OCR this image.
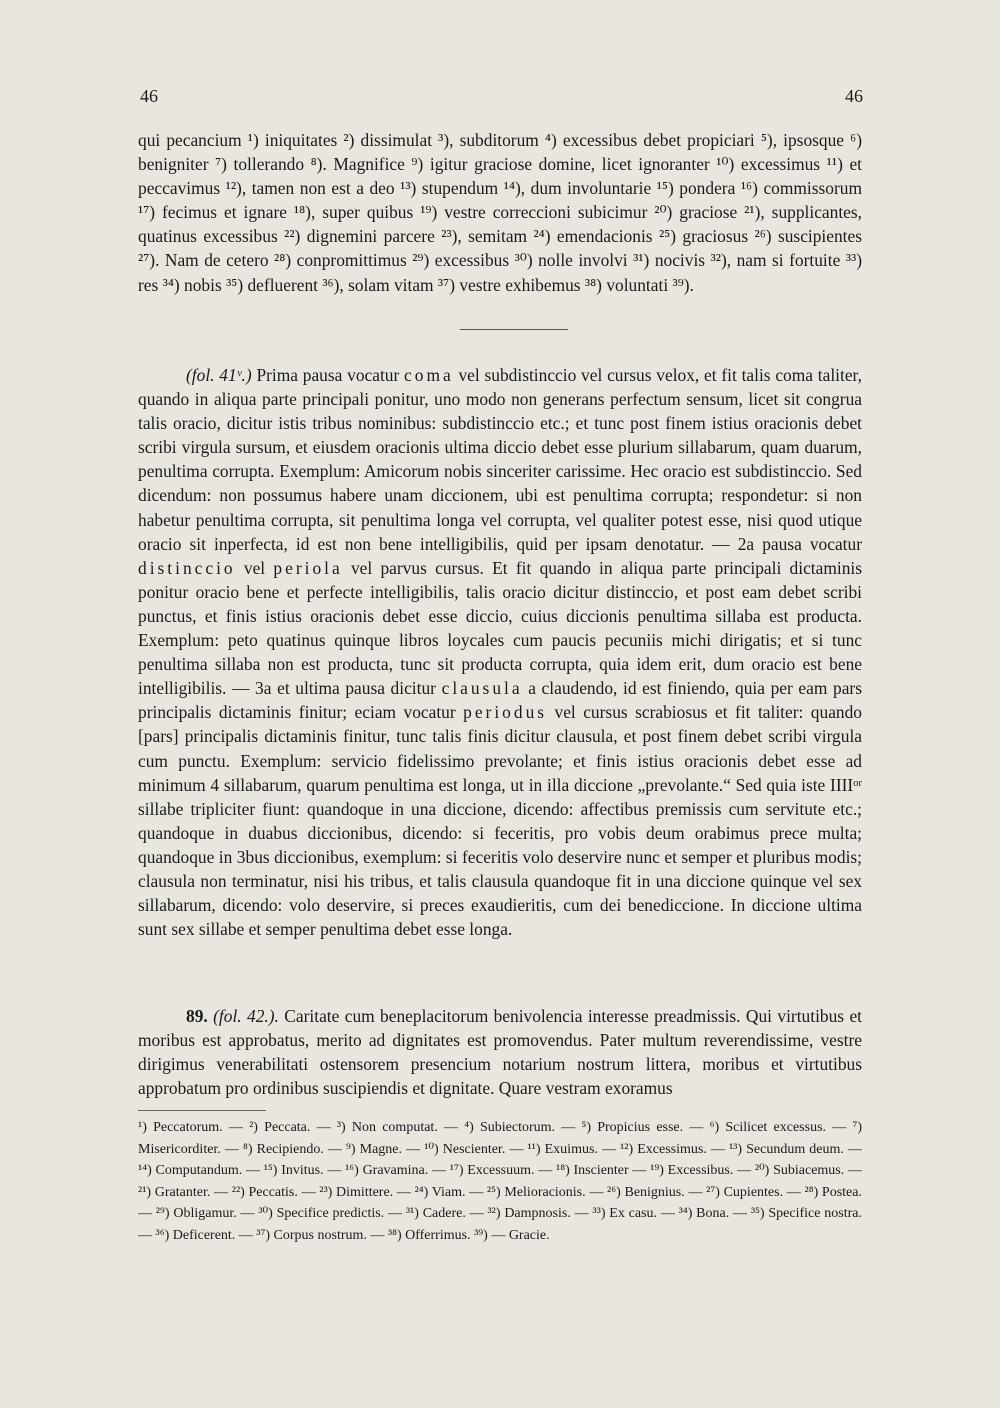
46	46

qui pecancium ¹) iniquitates ²) dissimulat ³), subditorum ⁴) excessibus debet propiciari ⁵), ipsosque ⁶) benigniter ⁷) tollerando ⁸). Magnifice ⁹) igitur graciose domine, licet ignoranter ¹⁰) excessimus ¹¹) et peccavimus ¹²), tamen non est a deo ¹³) stupendum ¹⁴), dum involuntarie ¹⁵) pondera ¹⁶) commissorum ¹⁷) fecimus et ignare ¹⁸), super quibus ¹⁹) vestre correccioni subicimur ²⁰) graciose ²¹), supplicantes, quatinus excessibus ²²) dignemini parcere ²³), semitam ²⁴) emendacionis ²⁵) graciosus ²⁶) suscipientes ²⁷). Nam de cetero ²⁸) conpromittimus ²⁹) excessibus ³⁰) nolle involvi ³¹) nocivis ³²), nam si fortuite ³³) res ³⁴) nobis ³⁵) defluerent ³⁶), solam vitam ³⁷) vestre exhibemus ³⁸) voluntati ³⁹).

(fol. 41ᵛ.) Prima pausa vocatur coma vel subdistinccio vel cursus velox, et fit talis coma taliter, quando in aliqua parte principali ponitur, uno modo non generans perfectum sensum, licet sit congrua talis oracio, dicitur istis tribus nominibus: subdistinccio etc.; et tunc post finem istius oracionis debet scribi virgula sursum, et eiusdem oracionis ultima diccio debet esse plurium sillabarum, quam duarum, penultima corrupta. Exemplum: Amicorum nobis sinceriter carissime. Hec oracio est subdistinccio. Sed dicendum: non possumus habere unam diccionem, ubi est penultima corrupta; respondetur: si non habetur penultima corrupta, sit penultima longa vel corrupta, vel qualiter potest esse, nisi quod utique oracio sit inperfecta, id est non bene intelligibilis, quid per ipsam denotatur. — 2a pausa vocatur distinccio vel periola vel parvus cursus. Et fit quando in aliqua parte principali dictaminis ponitur oracio bene et perfecte intelligibilis, talis oracio dicitur distinccio, et post eam debet scribi punctus, et finis istius oracionis debet esse diccio, cuius diccionis penultima sillaba est producta. Exemplum: peto quatinus quinque libros loycales cum paucis pecuniis michi dirigatis; et si tunc penultima sillaba non est producta, tunc sit producta corrupta, quia idem erit, dum oracio est bene intelligibilis. — 3a et ultima pausa dicitur clausula a claudendo, id est finiendo, quia per eam pars principalis dictaminis finitur; eciam vocatur periodus vel cursus scrabiosus et fit taliter: quando [pars] principalis dictaminis finitur, tunc talis finis dicitur clausula, et post finem debet scribi virgula cum punctu. Exemplum: servicio fidelissimo prevolante; et finis istius oracionis debet esse ad minimum 4 sillabarum, quarum penultima est longa, ut in illa diccione „prevolante.“ Sed quia iste IIIIᵒʳ sillabe tripliciter fiunt: quandoque in una diccione, dicendo: affectibus premissis cum servitute etc.; quandoque in duabus diccionibus, dicendo: si feceritis, pro vobis deum orabimus prece multa; quandoque in 3bus diccionibus, exemplum: si feceritis volo deservire nunc et semper et pluribus modis; clausula non terminatur, nisi his tribus, et talis clausula quandoque fit in una diccione quinque vel sex sillabarum, dicendo: volo deservire, si preces exaudieritis, cum dei benediccione. In diccione ultima sunt sex sillabe et semper penultima debet esse longa.

89. (fol. 42.). Caritate cum beneplacitorum benivolencia interesse preadmissis. Qui virtutibus et moribus est approbatus, merito ad dignitates est promovendus. Pater multum reverendissime, vestre dirigimus venerabilitati ostensorem presencium notarium nostrum littera, moribus et virtutibus approbatum pro ordinibus suscipiendis et dignitate. Quare vestram exoramus

¹) Peccatorum. — ²) Peccata. — ³) Non computat. — ⁴) Subiectorum. — ⁵) Propicius esse. — ⁶) Scilicet excessus. — ⁷) Misericorditer. — ⁸) Recipiendo. — ⁹) Magne. — ¹⁰) Nescienter. — ¹¹) Exuimus. — ¹²) Excessimus. — ¹³) Secundum deum. — ¹⁴) Computandum. — ¹⁵) Invitus. — ¹⁶) Gravamina. — ¹⁷) Excessuum. — ¹⁸) Inscienter — ¹⁹) Excessibus. — ²⁰) Subiacemus. — ²¹) Gratanter. — ²²) Peccatis. — ²³) Dimittere. — ²⁴) Viam. — ²⁵) Melioracionis. — ²⁶) Benignius. — ²⁷) Cupientes. — ²⁸) Postea. — ²⁹) Obligamur. — ³⁰) Specifice predictis. — ³¹) Cadere. — ³²) Dampnosis. — ³³) Ex casu. — ³⁴) Bona. — ³⁵) Specifice nostra. — ³⁶) Deficerent. — ³⁷) Corpus nostrum. — ³⁸) Offerrimus. ³⁹) — Gracie.
